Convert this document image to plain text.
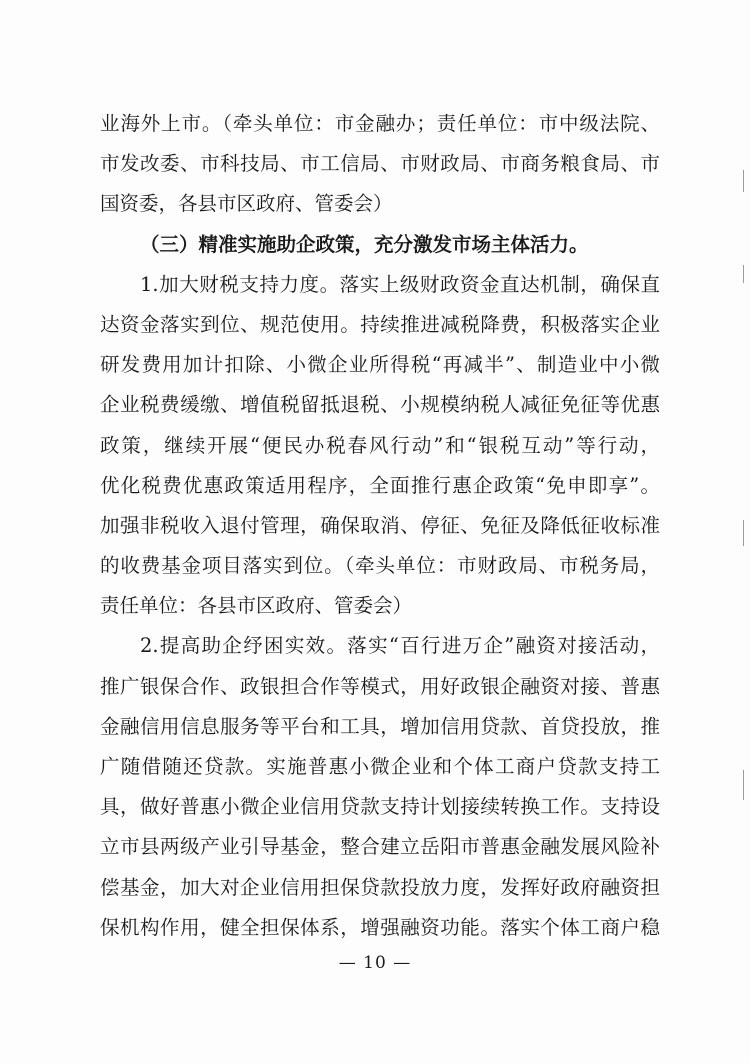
业海外上市。（牵头单位：市金融办；责任单位：市中级法院、
市发改委、市科技局、市工信局、市财政局、市商务粮食局、市
国资委，各县市区政府、管委会）
（三）精准实施助企政策，充分激发市场主体活力。
1.加大财税支持力度。落实上级财政资金直达机制，确保直
达资金落实到位、规范使用。持续推进减税降费，积极落实企业
研发费用加计扣除、小微企业所得税“再减半”、制造业中小微
企业税费缓缴、增值税留抵退税、小规模纳税人减征免征等优惠
政策，继续开展“便民办税春风行动”和“银税互动”等行动，
优化税费优惠政策适用程序，全面推行惠企政策“免申即享”。
加强非税收入退付管理，确保取消、停征、免征及降低征收标准
的收费基金项目落实到位。（牵头单位：市财政局、市税务局，
责任单位：各县市区政府、管委会）
2.提高助企纾困实效。落实“百行进万企”融资对接活动，
推广银保合作、政银担合作等模式，用好政银企融资对接、普惠
金融信用信息服务等平台和工具，增加信用贷款、首贷投放，推
广随借随还贷款。实施普惠小微企业和个体工商户贷款支持工
具，做好普惠小微企业信用贷款支持计划接续转换工作。支持设
立市县两级产业引导基金，整合建立岳阳市普惠金融发展风险补
偿基金，加大对企业信用担保贷款投放力度，发挥好政府融资担
保机构作用，健全担保体系，增强融资功能。落实个体工商户稳
— 10 —
